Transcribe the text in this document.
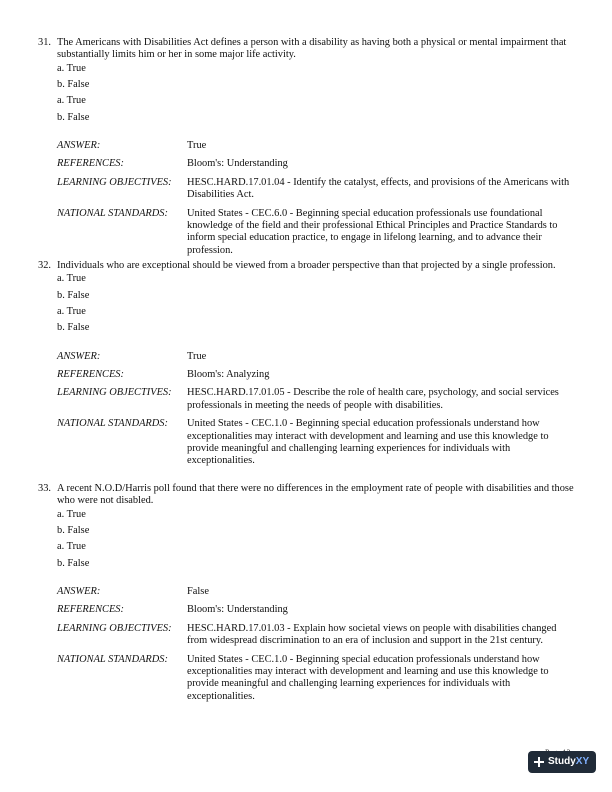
31. The Americans with Disabilities Act defines a person with a disability as having both a physical or mental impairment that substantially limits him or her in some major life activity.
a. True
b. False
a. True
b. False
ANSWER:	True
REFERENCES:	Bloom's: Understanding
LEARNING OBJECTIVES:	HESC.HARD.17.01.04 - Identify the catalyst, effects, and provisions of the Americans with Disabilities Act.
NATIONAL STANDARDS:	United States - CEC.6.0 - Beginning special education professionals use foundational knowledge of the field and their professional Ethical Principles and Practice Standards to inform special education practice, to engage in lifelong learning, and to advance their profession.
32. Individuals who are exceptional should be viewed from a broader perspective than that projected by a single profession.
a. True
b. False
a. True
b. False
ANSWER:	True
REFERENCES:	Bloom's: Analyzing
LEARNING OBJECTIVES:	HESC.HARD.17.01.05 - Describe the role of health care, psychology, and social services professionals in meeting the needs of people with disabilities.
NATIONAL STANDARDS:	United States - CEC.1.0 - Beginning special education professionals understand how exceptionalities may interact with development and learning and use this knowledge to provide meaningful and challenging learning experiences for individuals with exceptionalities.
33. A recent N.O.D/Harris poll found that there were no differences in the employment rate of people with disabilities and those who were not disabled.
a. True
b. False
a. True
b. False
ANSWER:	False
REFERENCES:	Bloom's: Understanding
LEARNING OBJECTIVES:	HESC.HARD.17.01.03 - Explain how societal views on people with disabilities changed from widespread discrimination to an era of inclusion and support in the 21st century.
NATIONAL STANDARDS:	United States - CEC.1.0 - Beginning special education professionals understand how exceptionalities may interact with development and learning and use this knowledge to provide meaningful and challenging learning experiences for individuals with exceptionalities.
Study XY
